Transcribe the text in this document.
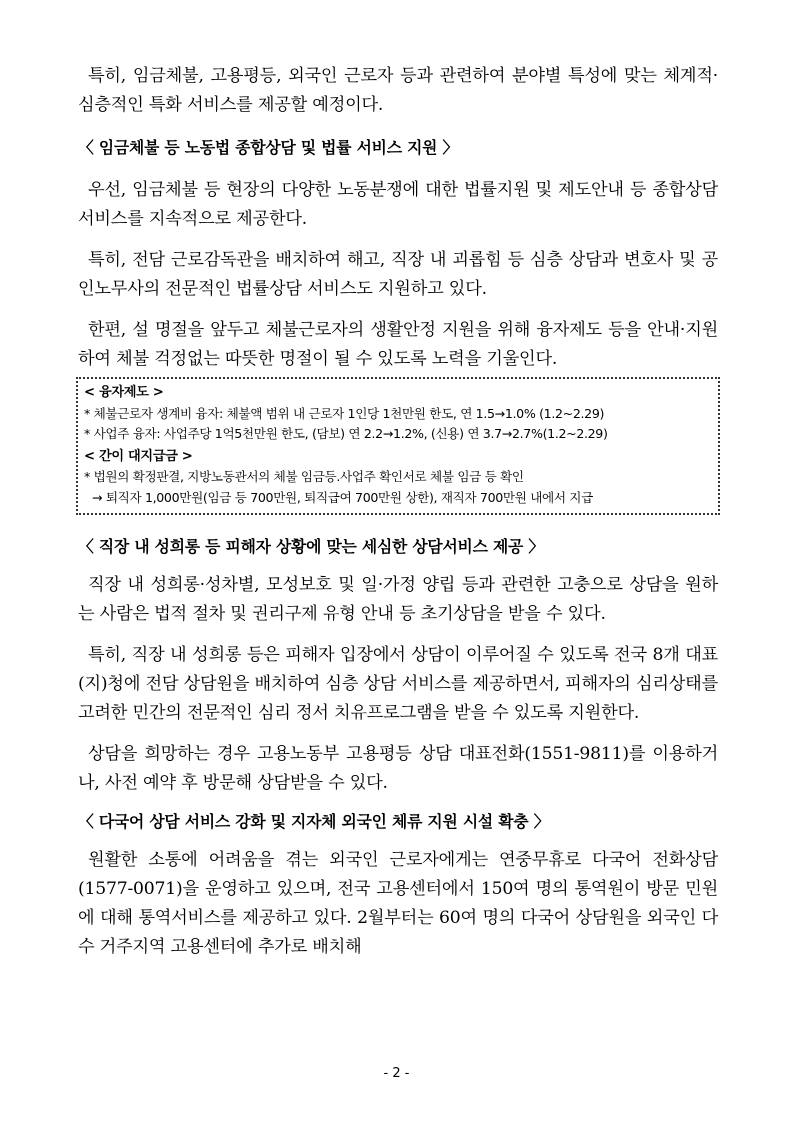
특히, 임금체불, 고용평등, 외국인 근로자 등과 관련하여 분야별 특성에 맞는 체계적·심층적인 특화 서비스를 제공할 예정이다.

〈 임금체불 등 노동법 종합상담 및 법률 서비스 지원 〉

우선, 임금체불 등 현장의 다양한 노동분쟁에 대한 법률지원 및 제도안내 등 종합상담 서비스를 지속적으로 제공한다.

특히, 전담 근로감독관을 배치하여 해고, 직장 내 괴롭힘 등 심층 상담과 변호사 및 공인노무사의 전문적인 법률상담 서비스도 지원하고 있다.

한편, 설 명절을 앞두고 체불근로자의 생활안정 지원을 위해 융자제도 등을 안내·지원하여 체불 걱정없는 따뜻한 명절이 될 수 있도록 노력을 기울인다.

< 융자제도 >
* 체불근로자 생계비 융자: 체불액 범위 내 근로자 1인당 1천만원 한도, 연 1.5→1.0% (1.2~2.29)
* 사업주 융자: 사업주당 1억5천만원 한도, (담보) 연 2.2→1.2%, (신용) 연 3.7→2.7%(1.2~2.29)
< 간이 대지급금 >
* 법원의 확정판결, 지방노동관서의 체불 임금등.사업주 확인서로 체불 임금 등 확인
→ 퇴직자 1,000만원(임금 등 700만원, 퇴직급여 700만원 상한), 재직자 700만원 내에서 지급
〈 직장 내 성희롱 등 피해자 상황에 맞는 세심한 상담서비스 제공 〉

직장 내 성희롱·성차별, 모성보호 및 일·가정 양립 등과 관련한 고충으로 상담을 원하는 사람은 법적 절차 및 권리구제 유형 안내 등 초기상담을 받을 수 있다.

특히, 직장 내 성희롱 등은 피해자 입장에서 상담이 이루어질 수 있도록 전국 8개 대표(지)청에 전담 상담원을 배치하여 심층 상담 서비스를 제공하면서, 피해자의 심리상태를 고려한 민간의 전문적인 심리 정서 치유프로그램을 받을 수 있도록 지원한다.

상담을 희망하는 경우 고용노동부 고용평등 상담 대표전화(1551-9811)를 이용하거나, 사전 예약 후 방문해 상담받을 수 있다.

〈 다국어 상담 서비스 강화 및 지자체 외국인 체류 지원 시설 확충 〉

원활한 소통에 어려움을 겪는 외국인 근로자에게는 연중무휴로 다국어 전화상담(1577-0071)을 운영하고 있으며, 전국 고용센터에서 150여 명의 통역원이 방문 민원에 대해 통역서비스를 제공하고 있다. 2월부터는 60여 명의 다국어 상담원을 외국인 다수 거주지역 고용센터에 추가로 배치해

- 2 -
